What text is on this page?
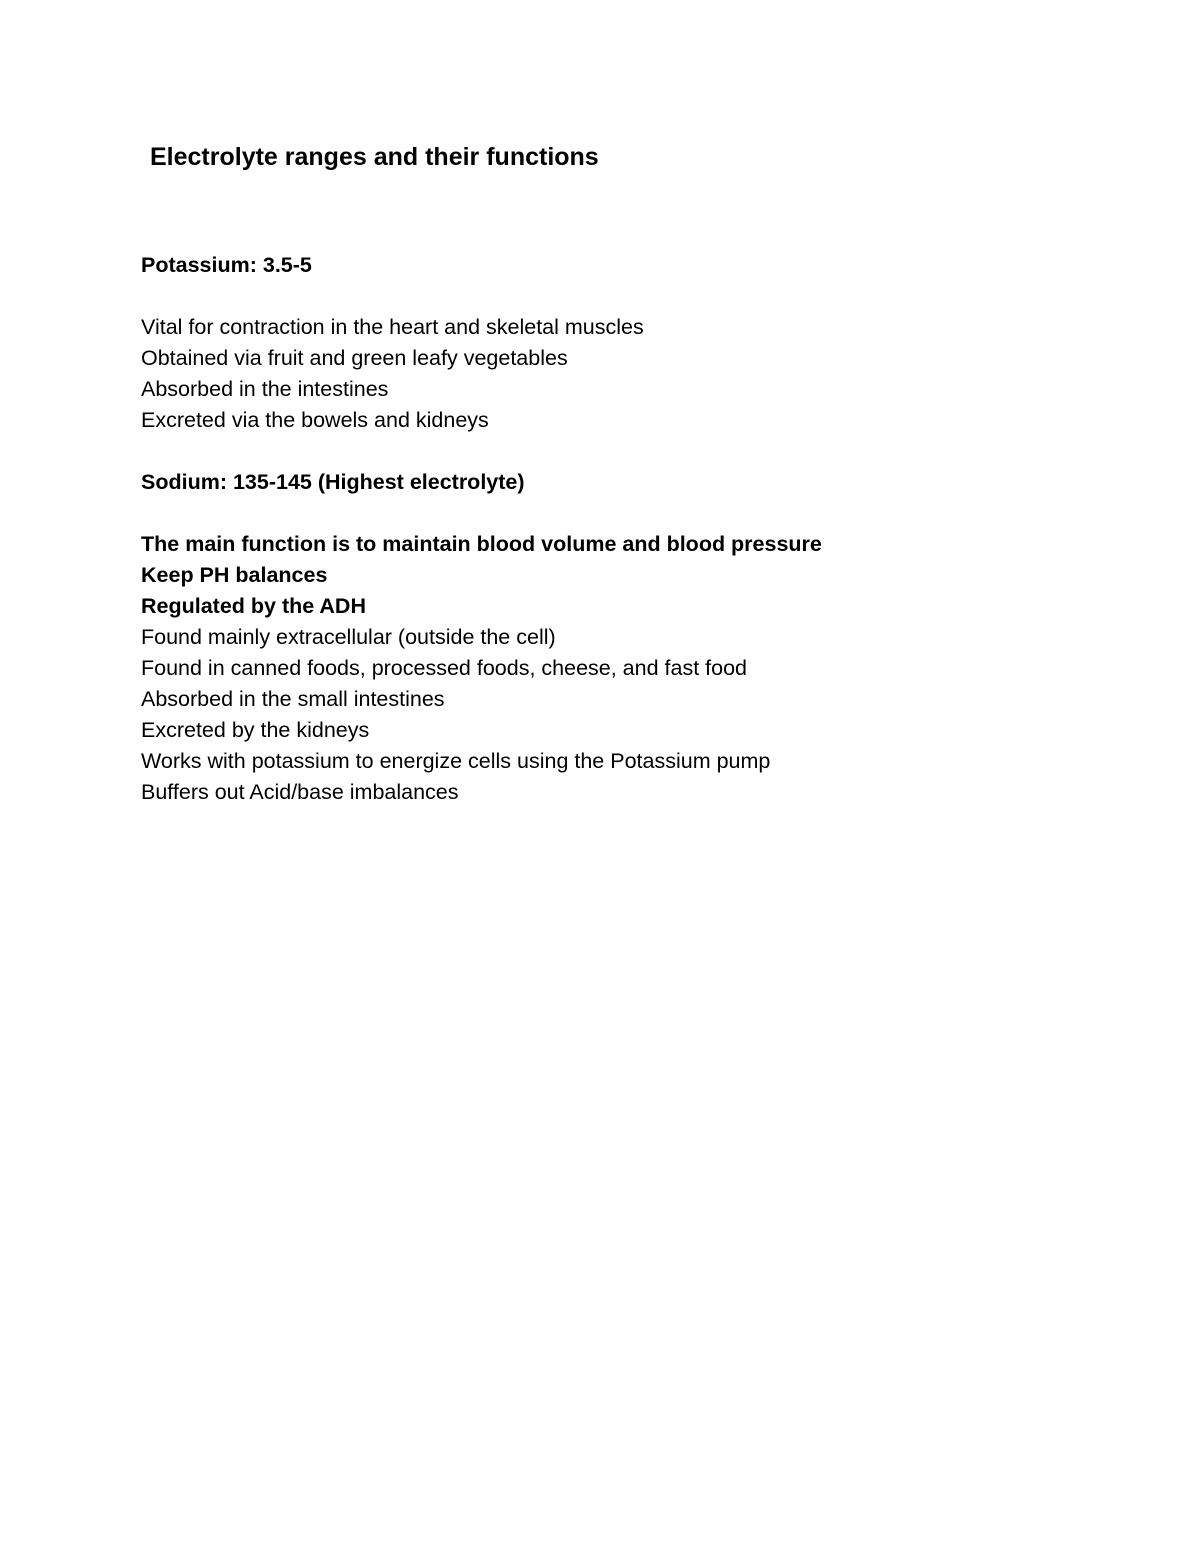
Electrolyte ranges and their functions

Potassium: 3.5-5

Vital for contraction in the heart and skeletal muscles

Obtained via fruit and green leafy vegetables

Absorbed in the intestines

Excreted via the bowels and kidneys

Sodium: 135-145 (Highest electrolyte)

The main function is to maintain blood volume and blood pressure

Keep PH balances

Regulated by the ADH

Found mainly extracellular (outside the cell)

Found in canned foods, processed foods, cheese, and fast food

Absorbed in the small intestines

Excreted by the kidneys

Works with potassium to energize cells using the Potassium pump

Buffers out Acid/base imbalances
